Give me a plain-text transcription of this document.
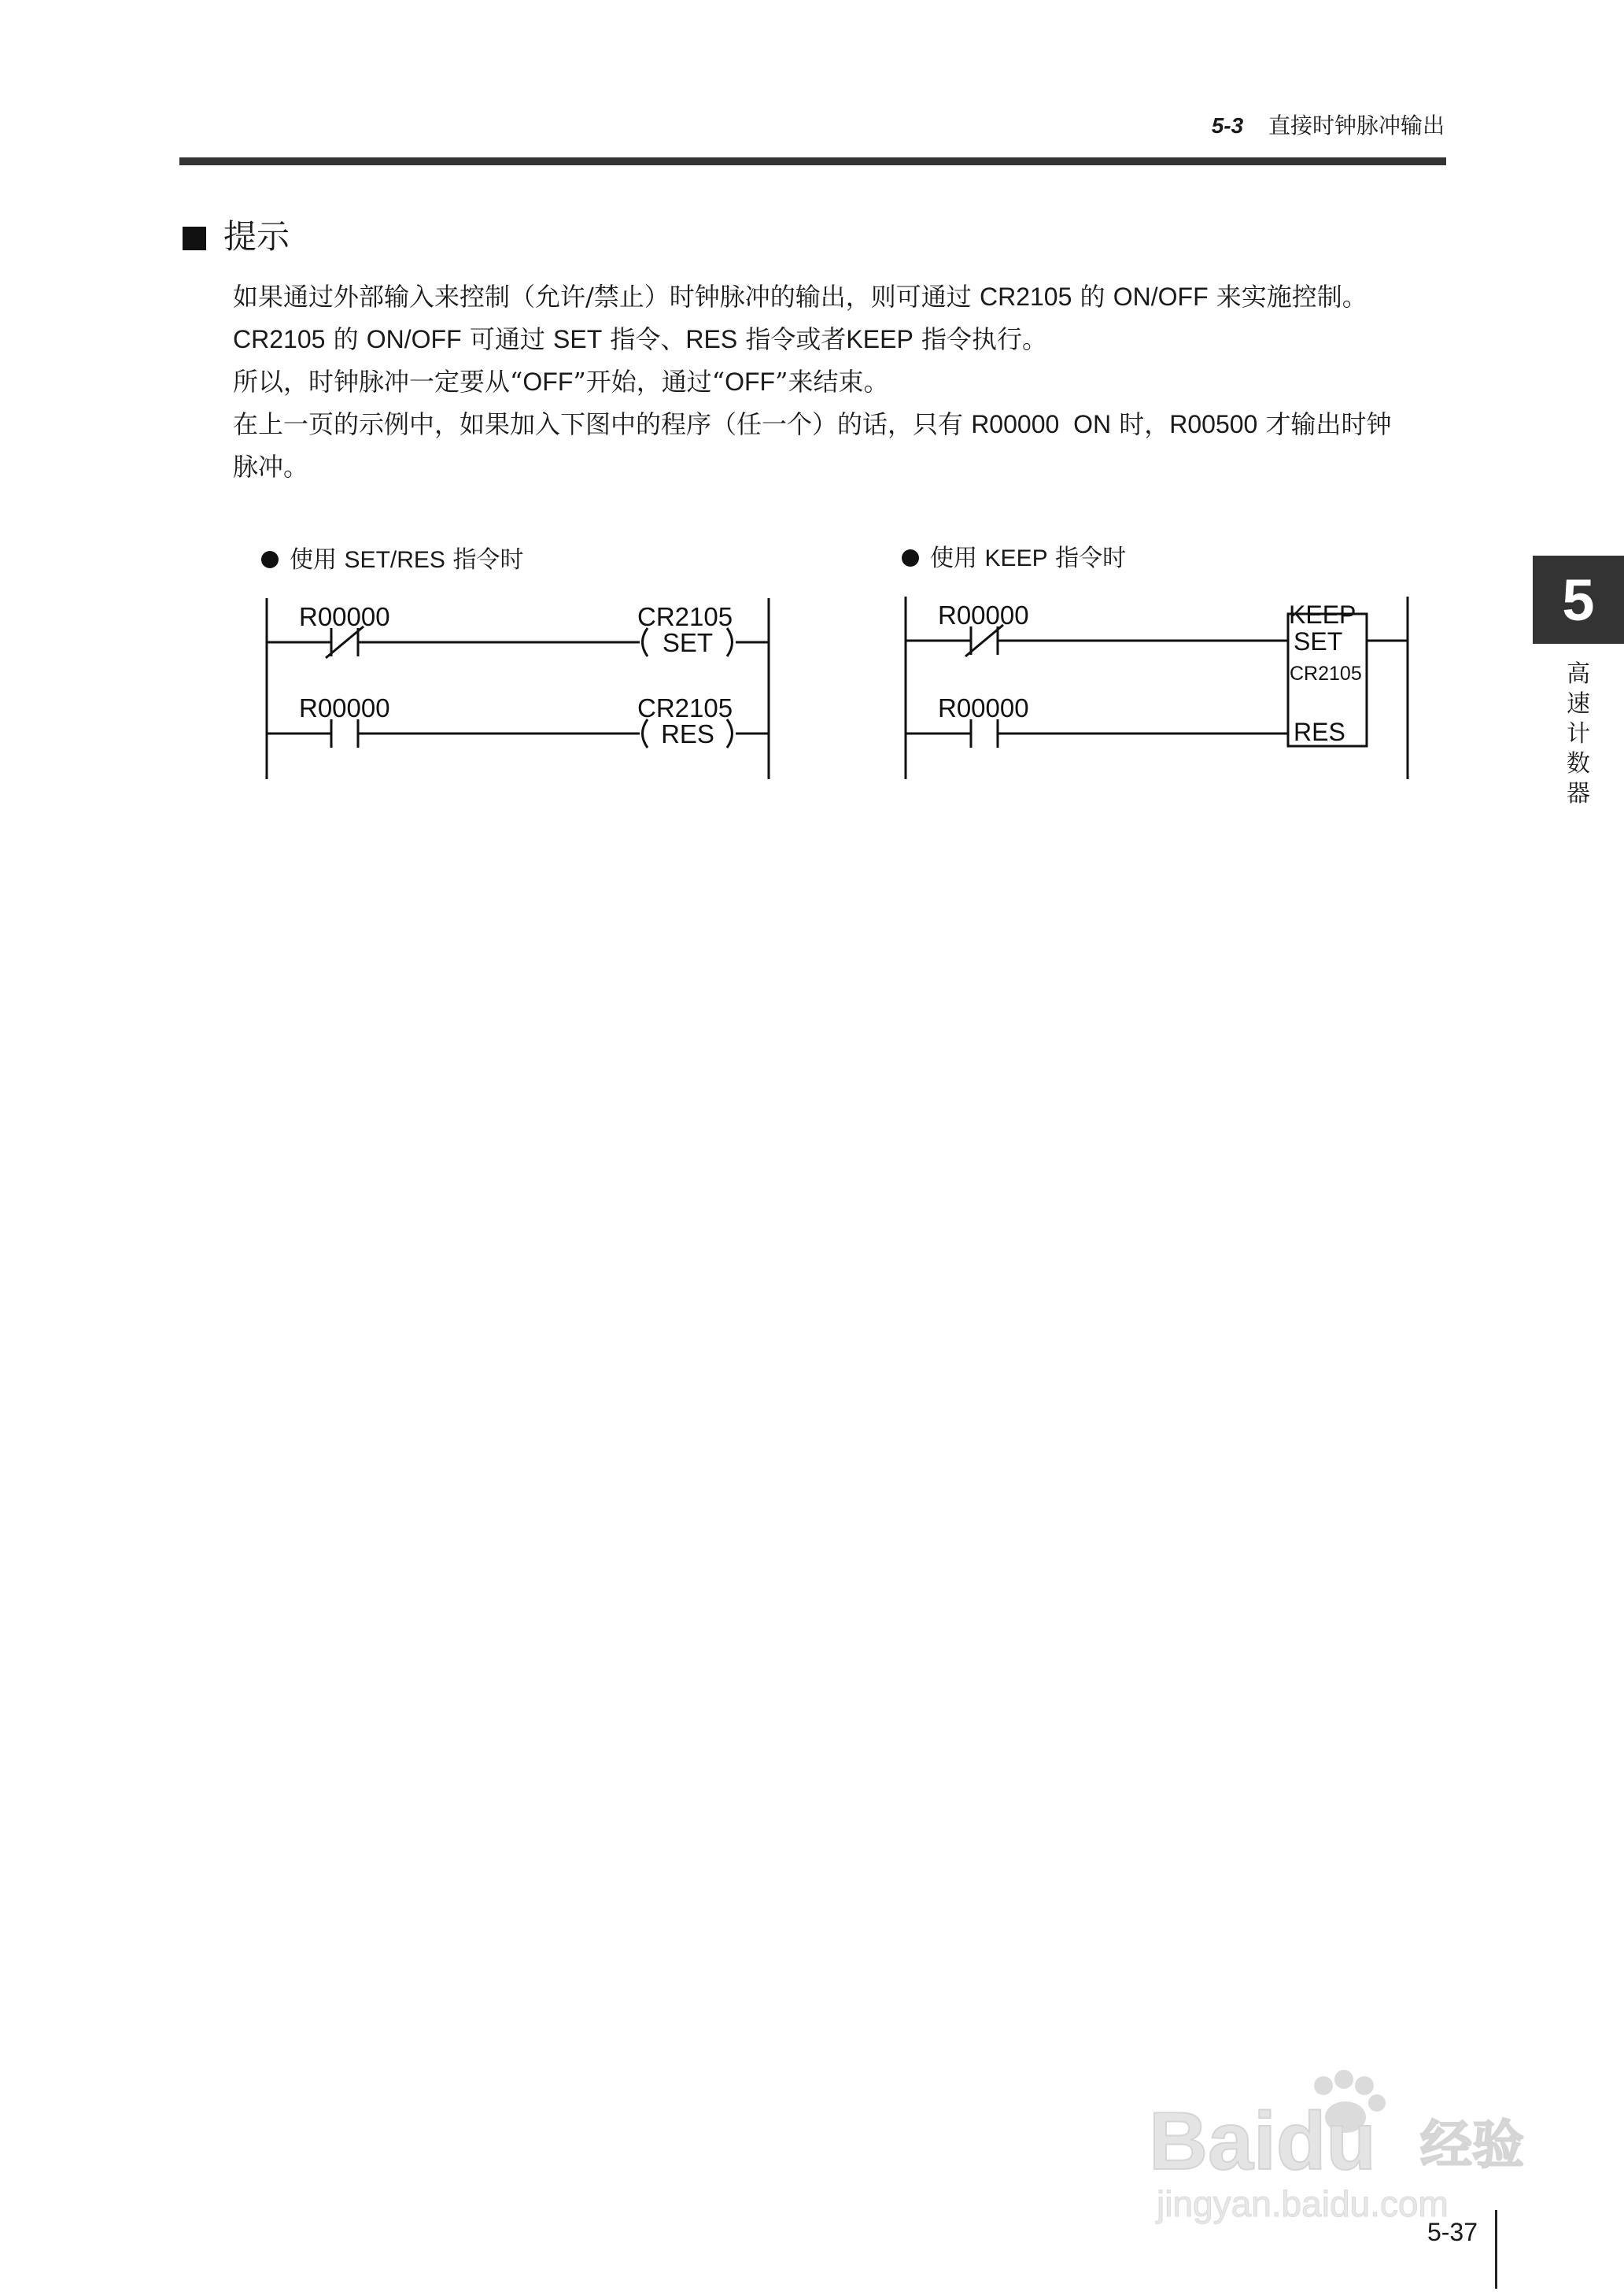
5-3 直接时钟脉冲输出
提示
如果通过外部输入来控制（允许/禁止）时钟脉冲的输出，则可通过 CR2105 的 ON/OFF 来实施控制。
CR2105 的 ON/OFF 可通过 SET 指令、RES 指令或者KEEP 指令执行。
所以，时钟脉冲一定要从“OFF”开始，通过“OFF”来结束。
在上一页的示例中，如果加入下图中的程序（任一个）的话，只有 R00000  ON 时，R00500 才输出时钟
脉冲。
使用 SET/RES 指令时	使用 KEEP 指令时
R00000	CR2105
SET
R00000	CR2105
RES
R00000
R00000
KEEP
SET
CR2105
RES
5
高
速
计
数
器
Baidu 经验
jingyan.baidu.com
5-37
